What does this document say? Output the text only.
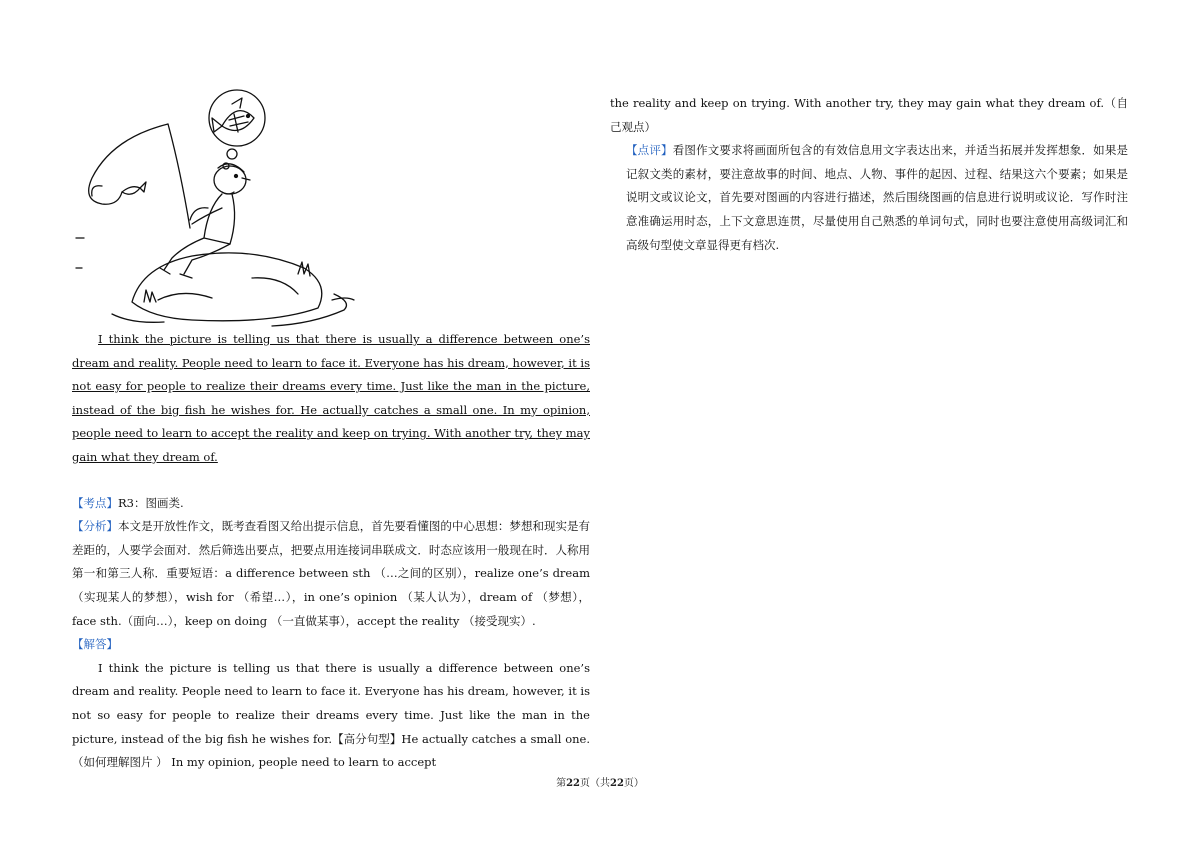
I think the picture is telling us that there is usually a difference between one’s dream and reality. People need to learn to face it. Everyone has his dream, however, it is not easy for people to realize their dreams every time. Just like the man in the picture, instead of the big fish he wishes for. He actually catches a small one. In my opinion, people need to learn to accept the reality and keep on trying. With another try, they may gain what they dream of.

【考点】R3：图画类.

【分析】本文是开放性作文，既考查看图又给出提示信息，首先要看懂图的中心思想：梦想和现实是有差距的，人要学会面对．然后筛选出要点，把要点用连接词串联成文．时态应该用一般现在时．人称用第一和第三人称．重要短语：a difference between sth （…之间的区别），realize one’s dream （实现某人的梦想），wish for （希望…），in one’s opinion （某人认为），dream of （梦想），face sth.（面向…），keep on doing （一直做某事），accept the reality （接受现实）.

【解答】

I think the picture is telling us that there is usually a difference between one’s dream and reality. People need to learn to face it. Everyone has his dream, however, it is not so easy for people to realize their dreams every time. Just like the man in the picture, instead of the big fish he wishes for.【高分句型】He actually catches a small one.（如何理解图片 ） In my opinion, people need to learn to accept

the reality and keep on trying. With another try, they may gain what they dream of.（自己观点）

【点评】看图作文要求将画面所包含的有效信息用文字表达出来，并适当拓展并发挥想象．如果是记叙文类的素材，要注意故事的时间、地点、人物、事件的起因、过程、结果这六个要素；如果是说明文或议论文，首先要对图画的内容进行描述，然后围绕图画的信息进行说明或议论．写作时注意准确运用时态，上下文意思连贯，尽量使用自己熟悉的单词句式，同时也要注意使用高级词汇和高级句型使文章显得更有档次.

第22页（共22页）
